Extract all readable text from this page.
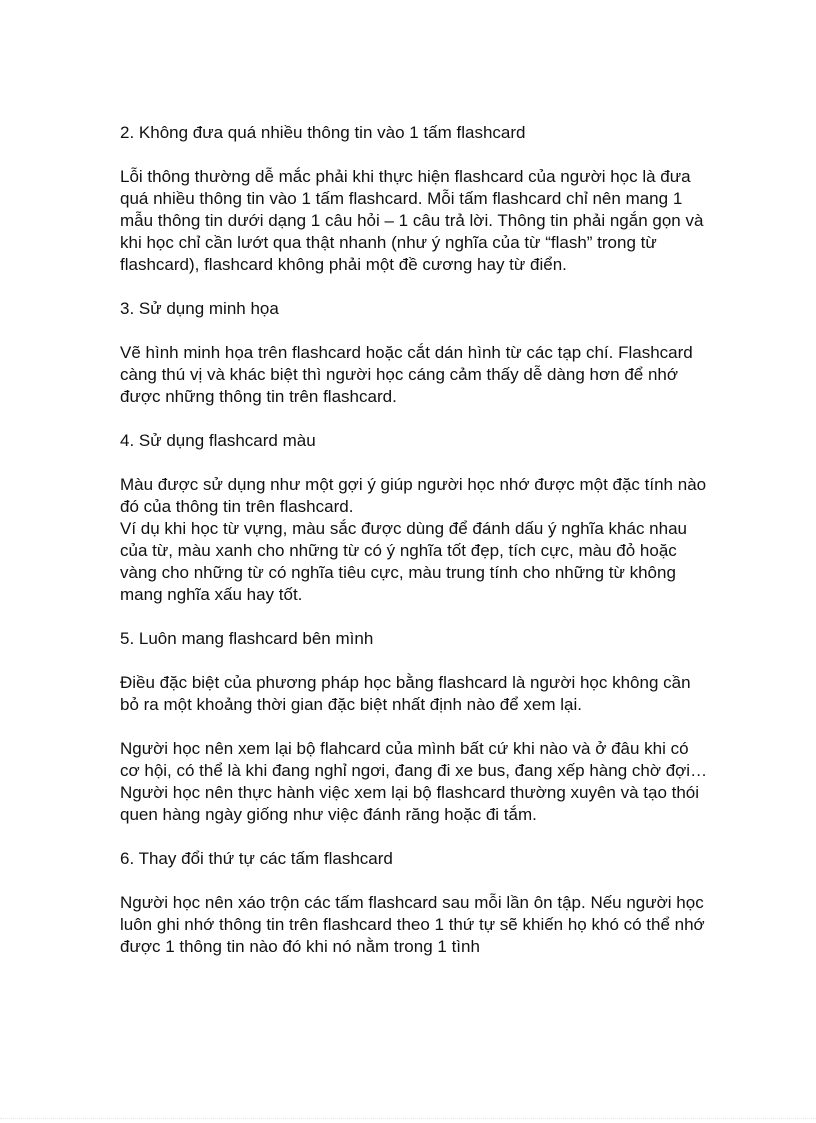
2. Không đưa quá nhiều thông tin vào 1 tấm flashcard

Lỗi thông thường dễ mắc phải khi thực hiện flashcard của người học là đưa quá nhiều thông tin vào 1 tấm flashcard. Mỗi tấm flashcard chỉ nên mang 1 mẫu thông tin dưới dạng 1 câu hỏi – 1 câu trả lời. Thông tin phải ngắn gọn và khi học chỉ cần lướt qua thật nhanh (như ý nghĩa của từ “flash” trong từ flashcard), flashcard không phải một đề cương hay từ điển.

3. Sử dụng minh họa

Vẽ hình minh họa trên flashcard hoặc cắt dán hình từ các tạp chí. Flashcard càng thú vị và khác biệt thì người học cáng cảm thấy dễ dàng hơn để nhớ được những thông tin trên flashcard.

4. Sử dụng flashcard màu

Màu được sử dụng như một gợi ý giúp người học nhớ được một đặc tính nào đó của thông tin trên flashcard.

Ví dụ khi học từ vựng, màu sắc được dùng để đánh dấu ý nghĩa khác nhau của từ, màu xanh cho những từ có ý nghĩa tốt đẹp, tích cực, màu đỏ hoặc vàng cho những từ có nghĩa tiêu cực, màu trung tính cho những từ không mang nghĩa xấu hay tốt.

5. Luôn mang flashcard bên mình

Điều đặc biệt của phương pháp học bằng flashcard là người học không cần bỏ ra một khoảng thời gian đặc biệt nhất định nào để xem lại.

Người học nên xem lại bộ flahcard của mình bất cứ khi nào và ở đâu khi có cơ hội, có thể là khi đang nghỉ ngơi, đang đi xe bus, đang xếp hàng chờ đợi… Người học nên thực hành việc xem lại bộ flashcard thường xuyên và tạo thói quen hàng ngày giống như việc đánh răng hoặc đi tắm.

6. Thay đổi thứ tự các tấm flashcard

Người học nên xáo trộn các tấm flashcard sau mỗi lần ôn tập. Nếu người học luôn ghi nhớ thông tin trên flashcard theo 1 thứ tự sẽ khiến họ khó có thể nhớ được 1 thông tin nào đó khi nó nằm trong 1 tình
